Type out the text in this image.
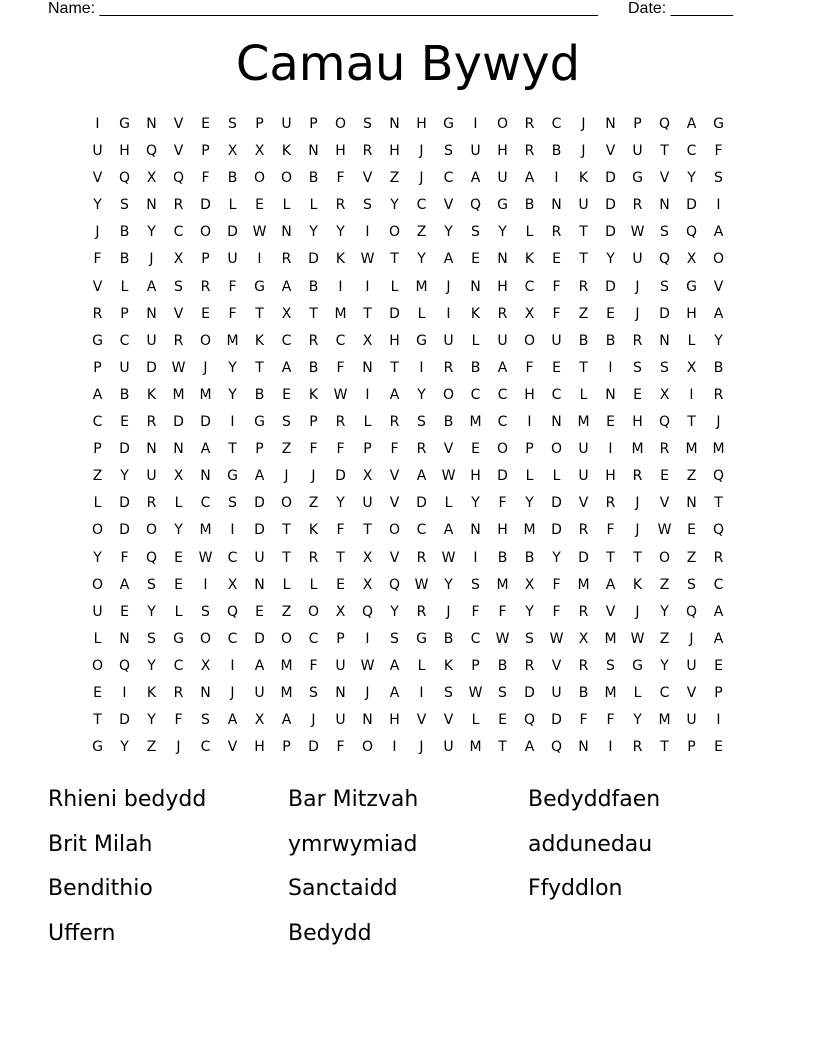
Name: ________________________________________________________ Date: _______
Camau Bywyd
I	G	N	V	E	S	P	U	P	O	S	N	H	G	I	O	R	C	J	N	P	Q	A	G
U	H	Q	V	P	X	X	K	N	H	R	H	J	S	U	H	R	B	J	V	U	T	C	F
V	Q	X	Q	F	B	O	O	B	F	V	Z	J	C	A	U	A	I	K	D	G	V	Y	S
Y	S	N	R	D	L	E	L	L	R	S	Y	C	V	Q	G	B	N	U	D	R	N	D	I
J	B	Y	C	O	D	W	N	Y	Y	I	O	Z	Y	S	Y	L	R	T	D	W	S	Q	A
F	B	J	X	P	U	I	R	D	K	W	T	Y	A	E	N	K	E	T	Y	U	Q	X	O
V	L	A	S	R	F	G	A	B	I	I	L	M	J	N	H	C	F	R	D	J	S	G	V
R	P	N	V	E	F	T	X	T	M	T	D	L	I	K	R	X	F	Z	E	J	D	H	A
G	C	U	R	O	M	K	C	R	C	X	H	G	U	L	U	O	U	B	B	R	N	L	Y
P	U	D	W	J	Y	T	A	B	F	N	T	I	R	B	A	F	E	T	I	S	S	X	B
A	B	K	M	M	Y	B	E	K	W	I	A	Y	O	C	C	H	C	L	N	E	X	I	R
C	E	R	D	D	I	G	S	P	R	L	R	S	B	M	C	I	N	M	E	H	Q	T	J
P	D	N	N	A	T	P	Z	F	F	P	F	R	V	E	O	P	O	U	I	M	R	M	M
Z	Y	U	X	N	G	A	J	J	D	X	V	A	W	H	D	L	L	U	H	R	E	Z	Q
L	D	R	L	C	S	D	O	Z	Y	U	V	D	L	Y	F	Y	D	V	R	J	V	N	T
O	D	O	Y	M	I	D	T	K	F	T	O	C	A	N	H	M	D	R	F	J	W	E	Q
Y	F	Q	E	W	C	U	T	R	T	X	V	R	W	I	B	B	Y	D	T	T	O	Z	R
O	A	S	E	I	X	N	L	L	E	X	Q	W	Y	S	M	X	F	M	A	K	Z	S	C
U	E	Y	L	S	Q	E	Z	O	X	Q	Y	R	J	F	F	Y	F	R	V	J	Y	Q	A
L	N	S	G	O	C	D	O	C	P	I	S	G	B	C	W	S	W	X	M	W	Z	J	A
O	Q	Y	C	X	I	A	M	F	U	W	A	L	K	P	B	R	V	R	S	G	Y	U	E
E	I	K	R	N	J	U	M	S	N	J	A	I	S	W	S	D	U	B	M	L	C	V	P
T	D	Y	F	S	A	X	A	J	U	N	H	V	V	L	E	Q	D	F	F	Y	M	U	I
G	Y	Z	J	C	V	H	P	D	F	O	I	J	U	M	T	A	Q	N	I	R	T	P	E
Rhieni bedydd	Bar Mitzvah	Bedyddfaen
Brit Milah	ymrwymiad	addunedau
Bendithio	Sanctaidd	Ffyddlon
Uffern	Bedydd
